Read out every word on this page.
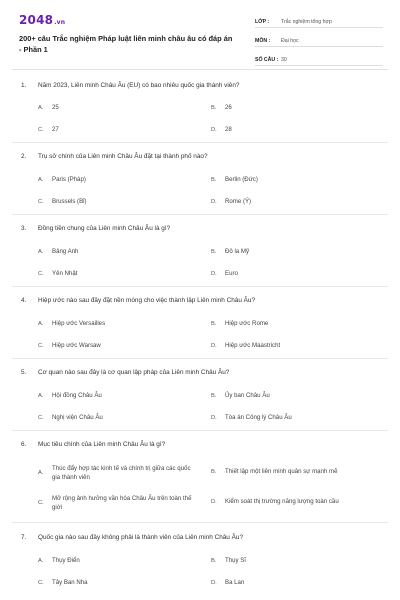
2048.vn
200+ câu Trắc nghiệm Pháp luật liên minh châu âu có đáp án - Phần 1
LỚP :	Trắc nghiệm tổng hợp
MÔN :	Đại học
SỐ CÂU : 30
1. Năm 2023, Liên minh Châu Âu (EU) có bao nhiêu quốc gia thành viên?
A.	25	B.	26
C.	27	D.	28
2. Trụ sở chính của Liên minh Châu Âu đặt tại thành phố nào?
A.	Paris (Pháp)	B.	Berlin (Đức)
C.	Brussels (Bỉ)	D.	Rome (Ý)
3. Đồng tiền chung của Liên minh Châu Âu là gì?
A.	Bảng Anh	B.	Đô la Mỹ
C.	Yên Nhật	D.	Euro
4. Hiệp ước nào sau đây đặt nền móng cho việc thành lập Liên minh Châu Âu?
A.	Hiệp ước Versailles	B.	Hiệp ước Rome
C.	Hiệp ước Warsaw	D.	Hiệp ước Maastricht
5. Cơ quan nào sau đây là cơ quan lập pháp của Liên minh Châu Âu?
A.	Hội đồng Châu Âu	B.	Ủy ban Châu Âu
C.	Nghị viện Châu Âu	D.	Tòa án Công lý Châu Âu
6. Mục tiêu chính của Liên minh Châu Âu là gì?
A.
Thúc đẩy hợp tác kinh tế và chính trị giữa các quốc gia thành viên
B.	Thiết lập một liên minh quân sự mạnh mẽ
C.
Mở rộng ảnh hưởng văn hóa Châu Âu trên toàn thế giới
D.	Kiểm soát thị trường năng lượng toàn cầu
7. Quốc gia nào sau đây không phải là thành viên của Liên minh Châu Âu?
A.	Thụy Điển	B.	Thụy Sĩ
C.	Tây Ban Nha	D.	Ba Lan
